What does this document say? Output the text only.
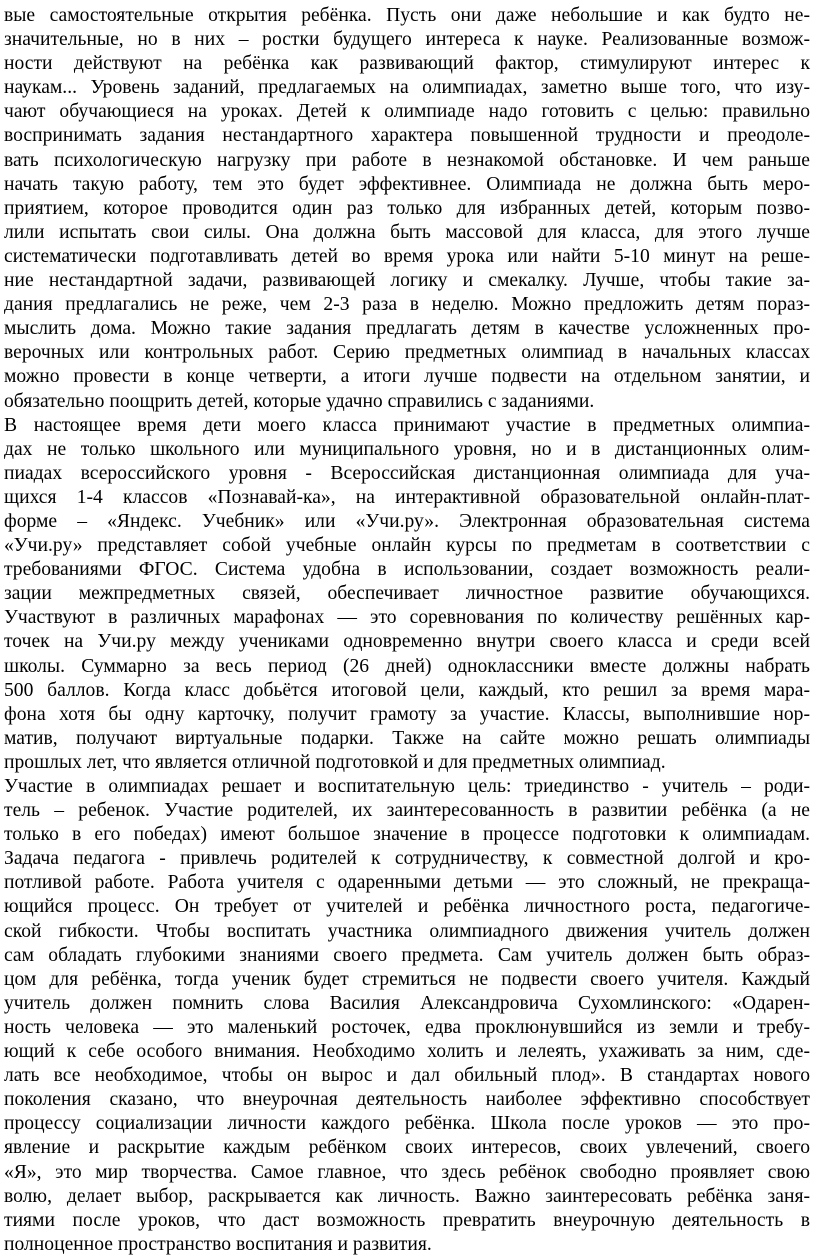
вые самостоятельные открытия ребёнка. Пусть они даже небольшие и как будто не-
значительные, но в них – ростки будущего интереса к науке. Реализованные возмож-
ности действуют на ребёнка как развивающий фактор, стимулируют интерес к
наукам... Уровень заданий, предлагаемых на олимпиадах, заметно выше того, что изу-
чают обучающиеся на уроках. Детей к олимпиаде надо готовить с целью: правильно
воспринимать задания нестандартного характера повышенной трудности и преодоле-
вать психологическую нагрузку при работе в незнакомой обстановке. И чем раньше
начать такую работу, тем это будет эффективнее. Олимпиада не должна быть меро-
приятием, которое проводится один раз только для избранных детей, которым позво-
лили испытать свои силы. Она должна быть массовой для класса, для этого лучше
систематически подготавливать детей во время урока или найти 5-10 минут на реше-
ние нестандартной задачи, развивающей логику и смекалку. Лучше, чтобы такие за-
дания предлагались не реже, чем 2-3 раза в неделю. Можно предложить детям пораз-
мыслить дома. Можно такие задания предлагать детям в качестве усложненных про-
верочных или контрольных работ. Серию предметных олимпиад в начальных классах
можно провести в конце четверти, а итоги лучше подвести на отдельном занятии, и
обязательно поощрить детей, которые удачно справились с заданиями.
В настоящее время дети моего класса принимают участие в предметных олимпиа-
дах не только школьного или муниципального уровня, но и в дистанционных олим-
пиадах всероссийского уровня - Всероссийская дистанционная олимпиада для уча-
щихся 1-4 классов «Познавай-ка», на интерактивной образовательной онлайн-плат-
форме – «Яндекс. Учебник» или «Учи.ру». Электронная образовательная система
«Учи.ру» представляет собой учебные онлайн курсы по предметам в соответствии с
требованиями ФГОС. Система удобна в использовании, создает возможность реали-
зации межпредметных связей, обеспечивает личностное развитие обучающихся.
Участвуют в различных марафонах — это соревнования по количеству решённых кар-
точек на Учи.ру между учениками одновременно внутри своего класса и среди всей
школы. Суммарно за весь период (26 дней) одноклассники вместе должны набрать
500 баллов. Когда класс добьётся итоговой цели, каждый, кто решил за время мара-
фона хотя бы одну карточку, получит грамоту за участие. Классы, выполнившие нор-
матив, получают виртуальные подарки. Также на сайте можно решать олимпиады
прошлых лет, что является отличной подготовкой и для предметных олимпиад.
Участие в олимпиадах решает и воспитательную цель: триединство - учитель – роди-
тель – ребенок. Участие родителей, их заинтересованность в развитии ребёнка (а не
только в его победах) имеют большое значение в процессе подготовки к олимпиадам.
Задача педагога - привлечь родителей к сотрудничеству, к совместной долгой и кро-
потливой работе. Работа учителя с одаренными детьми — это сложный, не прекраща-
ющийся процесс. Он требует от учителей и ребёнка личностного роста, педагогиче-
ской гибкости. Чтобы воспитать участника олимпиадного движения учитель должен
сам обладать глубокими знаниями своего предмета. Сам учитель должен быть образ-
цом для ребёнка, тогда ученик будет стремиться не подвести своего учителя. Каждый
учитель должен помнить слова Василия Александровича Сухомлинского: «Одарен-
ность человека — это маленький росточек, едва проклюнувшийся из земли и требу-
ющий к себе особого внимания. Необходимо холить и лелеять, ухаживать за ним, сде-
лать все необходимое, чтобы он вырос и дал обильный плод». В стандартах нового
поколения сказано, что внеурочная деятельность наиболее эффективно способствует
процессу социализации личности каждого ребёнка. Школа после уроков — это про-
явление и раскрытие каждым ребёнком своих интересов, своих увлечений, своего
«Я», это мир творчества. Самое главное, что здесь ребёнок свободно проявляет свою
волю, делает выбор, раскрывается как личность. Важно заинтересовать ребёнка заня-
тиями после уроков, что даст возможность превратить внеурочную деятельность в
полноценное пространство воспитания и развития.
